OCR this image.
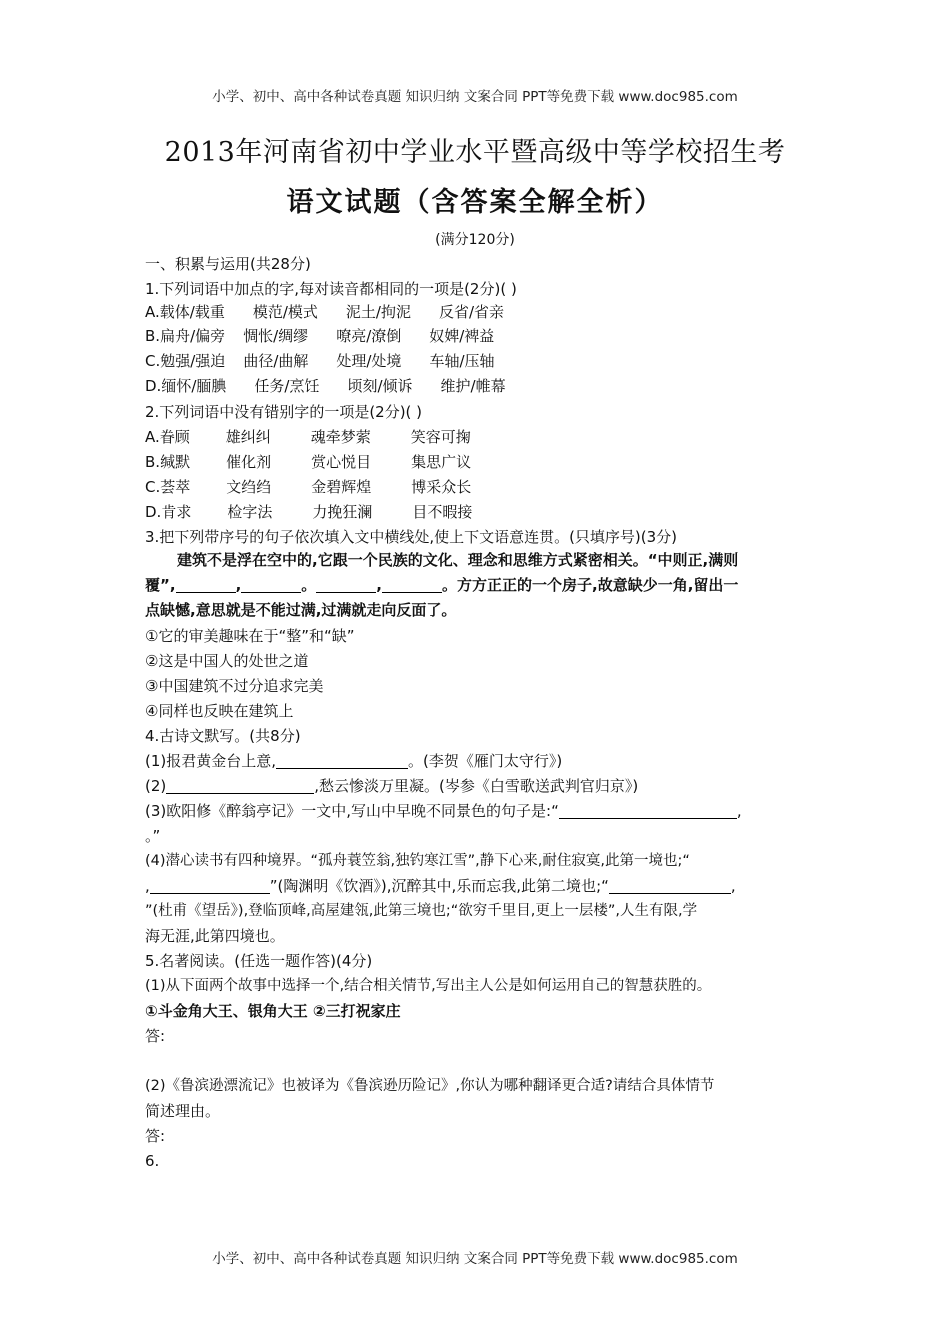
小学、初中、高中各种试卷真题 知识归纳 文案合同 PPT等免费下载 www.doc985.com
2013年河南省初中学业水平暨高级中等学校招生考
语文试题（含答案全解全析）
(满分120分)
一、积累与运用(共28分)
1.下列词语中加点的字,每对读音都相同的一项是(2分)( )
A.载体/载重 模范/模式 泥土/拘泥 反省/省亲
B.扁舟/偏旁 惆怅/绸缪 嘹亮/潦倒 奴婢/裨益
C.勉强/强迫 曲径/曲解 处理/处境 车轴/压轴
D.缅怀/腼腆 任务/烹饪 顷刻/倾诉 维护/帷幕
2.下列词语中没有错别字的一项是(2分)( )
A.眷顾 雄纠纠	魂牵梦萦	笑容可掬
B.缄默 催化剂	赏心悦目	集思广议
C.荟萃 文绉绉	金碧辉煌	博采众长
D.肯求 检字法	力挽狂澜	目不暇接
3.把下列带序号的句子依次填入文中横线处,使上下文语意连贯。(只填序号)(3分)
建筑不是浮在空中的,它跟一个民族的文化、理念和思维方式紧密相关。“中则正,满则
覆”,	,	。	,	。方方正正的一个房子,故意缺少一角,留出一
点缺憾,意思就是不能过满,过满就走向反面了。
①它的审美趣味在于“整”和“缺”
②这是中国人的处世之道
③中国建筑不过分追求完美
④同样也反映在建筑上
4.古诗文默写。(共8分)
(1)报君黄金台上意,	。(李贺《雁门太守行》)
(2)	,愁云惨淡万里凝。(岑参《白雪歌送武判官归京》)
(3)欧阳修《醉翁亭记》一文中,写山中早晚不同景色的句子是:“	,
。”
(4)潜心读书有四种境界。“孤舟蓑笠翁,独钓寒江雪”,静下心来,耐住寂寞,此第一境也;“
,	”(陶渊明《饮酒》),沉醉其中,乐而忘我,此第二境也;“	,
”(杜甫《望岳》),登临顶峰,高屋建瓴,此第三境也;“欲穷千里目,更上一层楼”,人生有限,学
海无涯,此第四境也。
5.名著阅读。(任选一题作答)(4分)
(1)从下面两个故事中选择一个,结合相关情节,写出主人公是如何运用自己的智慧获胜的。
①斗金角大王、银角大王 ②三打祝家庄
答:
(2)《鲁滨逊漂流记》也被译为《鲁滨逊历险记》,你认为哪种翻译更合适?请结合具体情节
简述理由。
答:
6.
小学、初中、高中各种试卷真题 知识归纳 文案合同 PPT等免费下载 www.doc985.com
